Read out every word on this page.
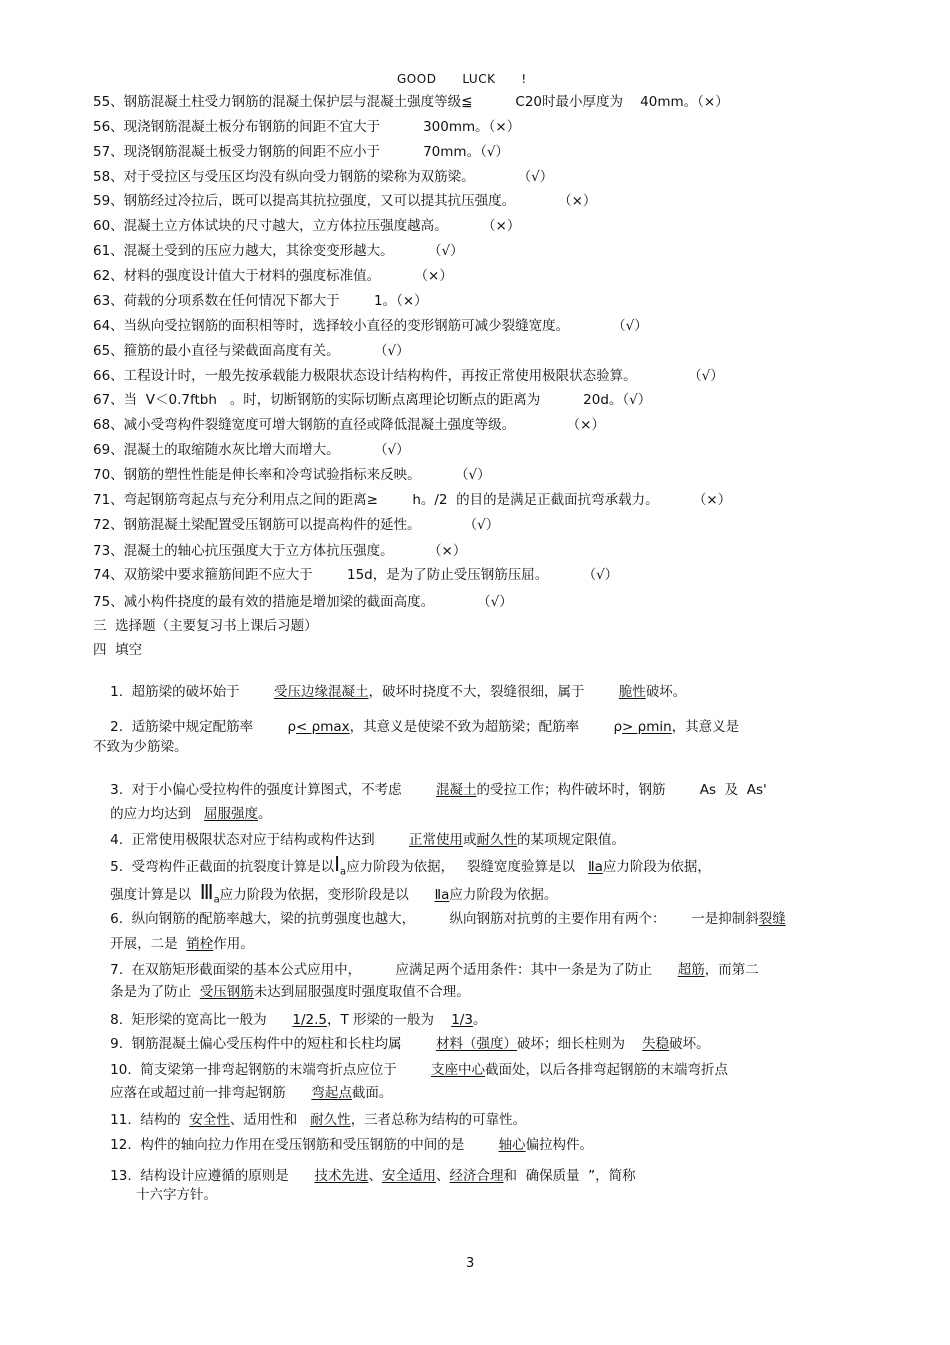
GOOD      LUCK      !
55、钢筋混凝土柱受力钢筋的混凝土保护层与混凝土强度等级≦          C20时最小厚度为    40mm。（×）
56、现浇钢筋混凝土板分布钢筋的间距不宜大于          300mm。（×）
57、现浇钢筋混凝土板受力钢筋的间距不应小于          70mm。（√）
58、对于受拉区与受压区均没有纵向受力钢筋的梁称为双筋梁。          （√）
59、钢筋经过冷拉后，既可以提高其抗拉强度，又可以提其抗压强度。          （×）
60、混凝土立方体试块的尺寸越大，立方体拉压强度越高。        （×）
61、混凝土受到的压应力越大，其徐变变形越大。        （√）
62、材料的强度设计值大于材料的强度标准值。        （×）
63、荷载的分项系数在任何情况下都大于        1。（×）
64、当纵向受拉钢筋的面积相等时，选择较小直径的变形钢筋可减少裂缝宽度。          （√）
65、箍筋的最小直径与梁截面高度有关。        （√）
66、工程设计时，一般先按承载能力极限状态设计结构构件，再按正常使用极限状态验算。            （√）
67、当  V＜0.7ftbh   。时，切断钢筋的实际切断点离理论切断点的距离为          20d。（√）
68、减小受弯构件裂缝宽度可增大钢筋的直径或降低混凝土强度等级。            （×）
69、混凝土的取缩随水灰比增大而增大。        （√）
70、钢筋的塑性性能是伸长率和冷弯试验指标来反映。        （√）
71、弯起钢筋弯起点与充分利用点之间的距离≥        h。/2  的目的是满足正截面抗弯承载力。        （×）
72、钢筋混凝土梁配置受压钢筋可以提高构件的延性。          （√）
73、混凝土的轴心抗压强度大于立方体抗压强度。        （×）
74、双筋梁中要求箍筋间距不应大于        15d，是为了防止受压钢筋压屈。        （√）
75、减小构件挠度的最有效的措施是增加梁的截面高度。          （√）
三  选择题（主要复习书上课后习题）
四  填空

1.  超筋梁的破坏始于        受压边缘混凝土，破坏时挠度不大，裂缝很细，属于        脆性破坏。

2.  适筋梁中规定配筋率        ρ< ρmax，其意义是使梁不致为超筋梁；配筋率        ρ> ρmin，其意义是

不致为少筋梁。

3.  对于小偏心受拉构件的强度计算图式，不考虑        混凝土的受拉工作；构件破坏时，钢筋        As  及  As'

的应力均达到   屈服强度。

4.  正常使用极限状态对应于结构或构件达到        正常使用或耐久性的某项规定限值。

5.  受弯构件正截面的抗裂度计算是以$Ⅰ_a$应力阶段为依据，   裂缝宽度验算是以   Ⅱa应力阶段为依据，

强度计算是以  $Ⅲ_a$应力阶段为依据，变形阶段是以      Ⅱa应力阶段为依据。

6.  纵向钢筋的配筋率越大，梁的抗剪强度也越大，        纵向钢筋对抗剪的主要作用有两个：      一是抑制斜裂缝

开展，二是  销栓作用。

7.  在双筋矩形截面梁的基本公式应用中，        应满足两个适用条件：其中一条是为了防止      超筋，而第二

条是为了防止  受压钢筋未达到屈服强度时强度取值不合理。

8.  矩形梁的宽高比一般为      1/2.5，T 形梁的一般为    1/3。

9.  钢筋混凝土偏心受压构件中的短柱和长柱均属        材料（强度）破坏；细长柱则为    失稳破坏。

10.  简支梁第一排弯起钢筋的末端弯折点应位于        支座中心截面处，以后各排弯起钢筋的末端弯折点

应落在或超过前一排弯起钢筋      弯起点截面。

11.  结构的  安全性、适用性和   耐久性，三者总称为结构的可靠性。

12.  构件的轴向拉力作用在受压钢筋和受压钢筋的中间的是        轴心偏拉构件。

13.  结构设计应遵循的原则是      技术先进、安全适用、经济合理和  确保质量  ”，简称

十六字方针。
3
